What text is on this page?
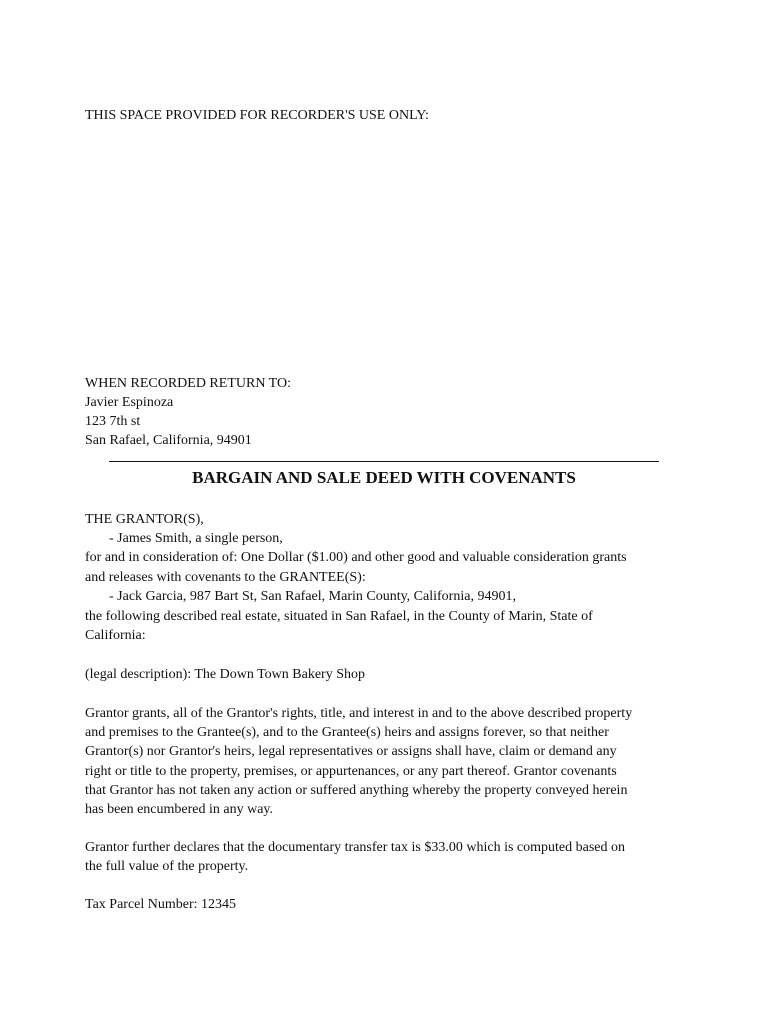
THIS SPACE PROVIDED FOR RECORDER'S USE ONLY:
WHEN RECORDED RETURN TO:
Javier Espinoza
123 7th st
San Rafael, California, 94901
BARGAIN AND SALE DEED WITH COVENANTS
THE GRANTOR(S),
- James Smith, a single person,
for and in consideration of: One Dollar ($1.00) and other good and valuable consideration grants
and releases with covenants to the GRANTEE(S):
- Jack Garcia, 987 Bart St, San Rafael, Marin County, California, 94901,
the following described real estate, situated in San Rafael, in the County of Marin, State of
California:
(legal description): The Down Town Bakery Shop
Grantor grants, all of the Grantor's rights, title, and interest in and to the above described property
and premises to the Grantee(s), and to the Grantee(s) heirs and assigns forever, so that neither
Grantor(s) nor Grantor's heirs, legal representatives or assigns shall have, claim or demand any
right or title to the property, premises, or appurtenances, or any part thereof. Grantor covenants
that Grantor has not taken any action or suffered anything whereby the property conveyed herein
has been encumbered in any way.
Grantor further declares that the documentary transfer tax is $33.00 which is computed based on
the full value of the property.
Tax Parcel Number: 12345
